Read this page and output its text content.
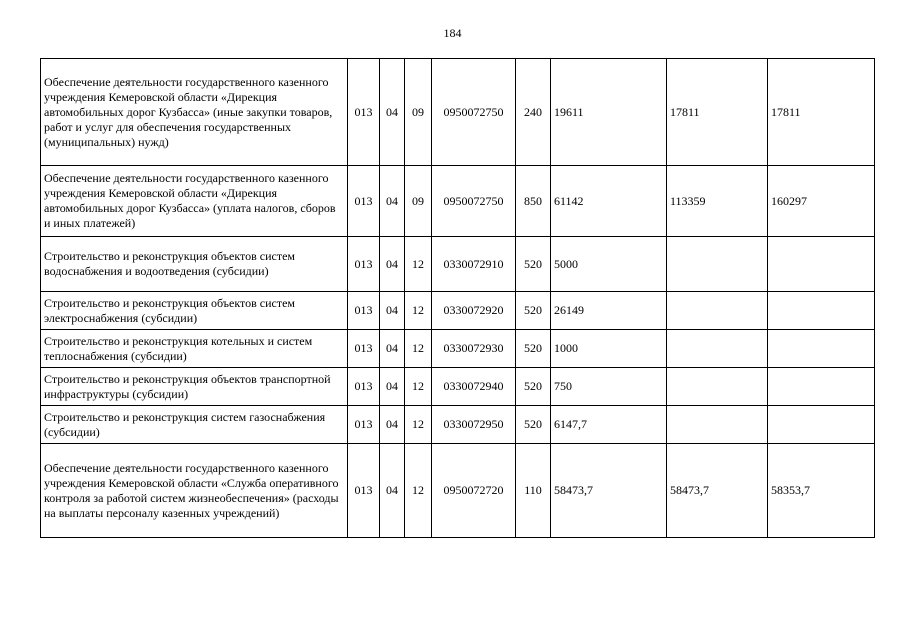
184
Обеспечение деятельности государственного казенного учреждения Кемеровской области «Дирекция автомобильных дорог Кузбасса» (иные закупки товаров, работ и услуг для обеспечения государственных (муниципальных) нужд)	013	04	09	0950072750	240	19611	17811	17811
Обеспечение деятельности государственного казенного учреждения Кемеровской области «Дирекция автомобильных дорог Кузбасса» (уплата налогов, сборов и иных платежей)	013	04	09	0950072750	850	61142	113359	160297
Строительство и реконструкция объектов систем водоснабжения и водоотведения (субсидии)	013	04	12	0330072910	520	5000		
Строительство и реконструкция объектов систем электроснабжения (субсидии)	013	04	12	0330072920	520	26149		
Строительство и реконструкция котельных и систем теплоснабжения (субсидии)	013	04	12	0330072930	520	1000		
Строительство и реконструкция объектов транспортной инфраструктуры (субсидии)	013	04	12	0330072940	520	750		
Строительство и реконструкция систем газоснабжения (субсидии)	013	04	12	0330072950	520	6147,7		
Обеспечение деятельности государственного казенного учреждения Кемеровской области «Служба оперативного контроля за работой систем жизнеобеспечения» (расходы на выплаты персоналу казенных учреждений)	013	04	12	0950072720	110	58473,7	58473,7	58353,7
